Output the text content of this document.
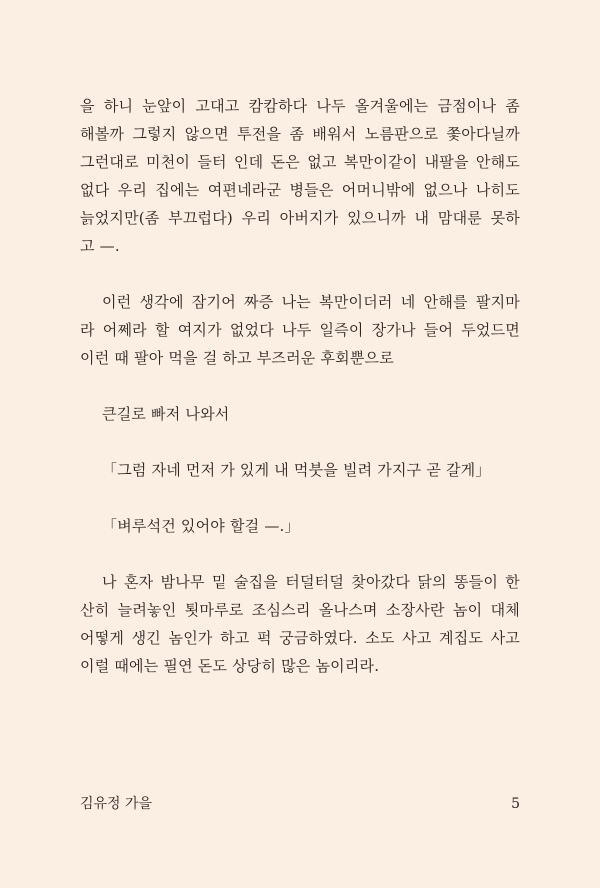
을 하니 눈앞이 고대고 캄캄하다 나두 올겨울에는 금점이나 좀
해볼까 그렇지 않으면 투전을 좀 배워서 노름판으로 쫓아다닐까
그런대로 미천이 들터 인데 돈은 없고 복만이같이 내팔을 안해도
없다 우리 집에는 여편네라군 병들은 어머니밖에 없으나 나히도
늙었지만(좀 부끄럽다) 우리 아버지가 있으니까 내 맘대룬 못하
고 —.

이런 생각에 잠기어 짜증 나는 복만이더러 네 안해를 팔지마
라 어쩨라 할 여지가 없었다 나두 일즉이 장가나 들어 두었드면
이런 때 팔아 먹을 걸 하고 부즈러운 후회뿐으로

큰길로 빠저 나와서

「그럼 자네 먼저 가 있게 내 먹붓을 빌려 가지구 곧 갈게」

「벼루석건 있어야 할걸 —.」

나 혼자 밤나무 밑 술집을 터덜터덜 찾아갔다 닭의 똥들이 한
산히 늘려놓인 툇마루로 조심스리 올나스며 소장사란 놈이 대체
어떻게 생긴 놈인가 하고 퍽 궁금하였다. 소도 사고 계집도 사고
이럴 때에는 필연 돈도 상당히 많은 놈이리라.

김유정 가을	5
